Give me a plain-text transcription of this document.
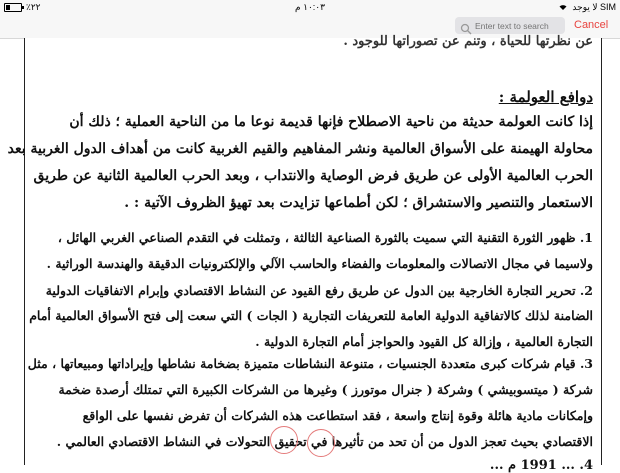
٪٢٢	١٠:٠٣ م	لا يوجد SIM
Enter text to search
Cancel
عن نظرتها للحياة ، وتنم عن تصوراتها للوجود .
دوافع العولمة :
إذا كانت العولمة حديثة من ناحية الاصطلاح فإنها قديمة نوعا ما من الناحية العملية ؛ ذلك أن
محاولة الهيمنة على الأسواق العالمية ونشر المفاهيم والقيم الغربية كانت من أهداف الدول الغربية بعد
الحرب العالمية الأولى عن طريق فرض الوصاية والانتداب ، وبعد الحرب العالمية الثانية عن طريق
الاستعمار والتنصير والاستشراق ؛ لكن أطماعها تزايدت بعد تهيؤ الظروف الآتية : .
1. ظهور الثورة التقنية التي سميت بالثورة الصناعية الثالثة ، وتمثلت في التقدم الصناعي الغربي الهائل ،
ولاسيما في مجال الاتصالات والمعلومات والفضاء والحاسب الآلي والإلكترونيات الدقيقة والهندسة الوراثية .
2. تحرير التجارة الخارجية بين الدول عن طريق رفع القيود عن النشاط الاقتصادي وإبرام الاتفاقيات الدولية
الضامنة لذلك كالاتفاقية الدولية العامة للتعريفات التجارية ( الجات ) التي سعت إلى فتح الأسواق العالمية أمام
التجارة العالمية ، وإزالة كل القيود والحواجز أمام التجارة الدولية .
3. قيام شركات كبرى متعددة الجنسيات ، متنوعة النشاطات متميزة بضخامة نشاطها وإيراداتها ومبيعاتها ، مثل
شركة ( ميتسوبيشي ) وشركة ( جنرال موتورز ) وغيرها من الشركات الكبيرة التي تمتلك أرصدة ضخمة
وإمكانات مادية هائلة وقوة إنتاج واسعة ، فقد استطاعت هذه الشركات أن تفرض نفسها على الواقع
الاقتصادي بحيث تعجز الدول من أن تحد من تأثيرها في تحقيق التحولات في النشاط الاقتصادي العالمي .
4. ... 1991 م ...
